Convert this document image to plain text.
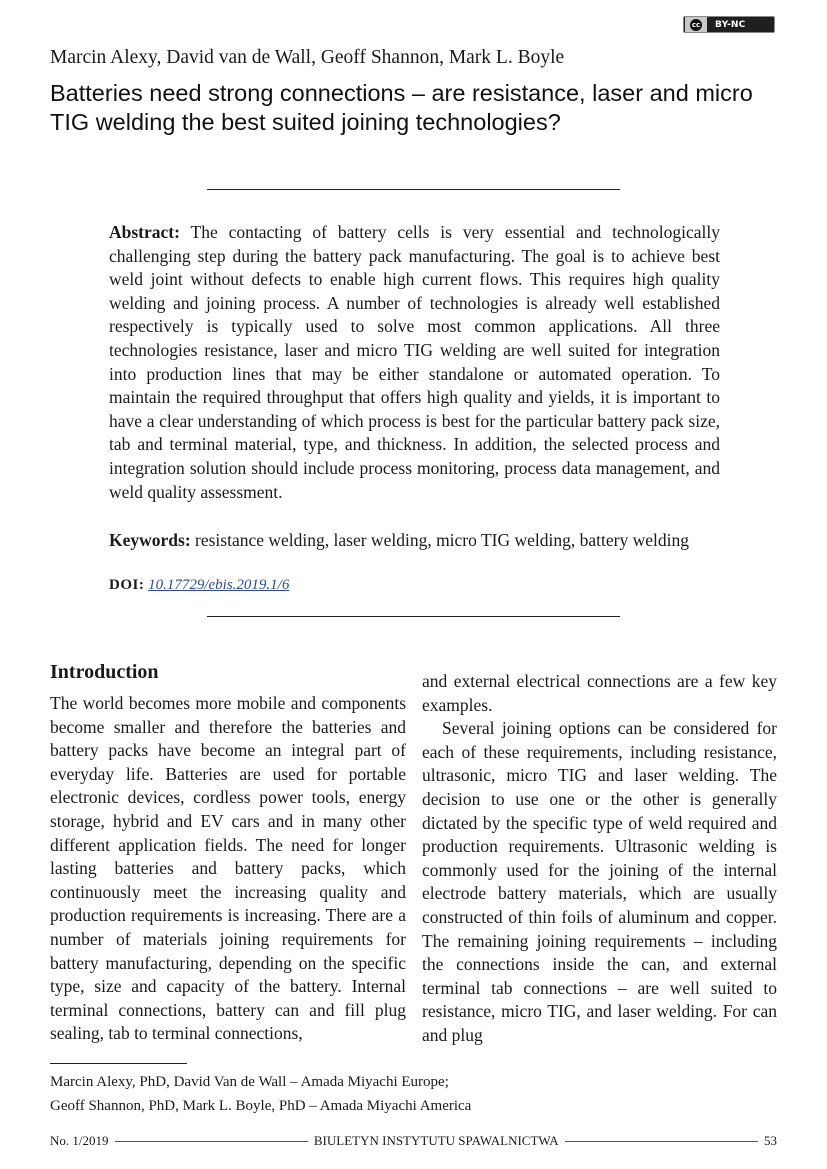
cc BY-NC
Marcin Alexy, David van de Wall, Geoff Shannon, Mark L. Boyle
Batteries need strong connections – are resistance, laser and micro TIG welding the best suited joining technologies?
Abstract: The contacting of battery cells is very essential and technologically challenging step during the battery pack manufacturing. The goal is to achieve best weld joint without defects to enable high current flows. This requires high quality welding and joining process. A number of technologies is already well established respectively is typically used to solve most common applications. All three technologies resistance, laser and micro TIG welding are well suited for integration into production lines that may be either standalone or automated operation. To maintain the required throughput that offers high quality and yields, it is important to have a clear understanding of which process is best for the particular battery pack size, tab and terminal material, type, and thickness. In addition, the selected process and integration solution should include process monitoring, process data management, and weld quality assessment.
Keywords: resistance welding, laser welding, micro TIG welding, battery welding
DOI: 10.17729/ebis.2019.1/6
Introduction

The world becomes more mobile and components become smaller and therefore the batteries and battery packs have become an integral part of everyday life. Batteries are used for portable electronic devices, cordless power tools, energy storage, hybrid and EV cars and in many other different application fields. The need for longer lasting batteries and battery packs, which continuously meet the increasing quality and production requirements is increasing. There are a number of materials joining requirements for battery manufacturing, depending on the specific type, size and capacity of the battery. Internal terminal connections, battery can and fill plug sealing, tab to terminal connections,

and external electrical connections are a few key examples.

Several joining options can be considered for each of these requirements, including resistance, ultrasonic, micro TIG and laser welding. The decision to use one or the other is generally dictated by the specific type of weld required and production requirements. Ultrasonic welding is commonly used for the joining of the internal electrode battery materials, which are usually constructed of thin foils of aluminum and copper. The remaining joining requirements – including the connections inside the can, and external terminal tab connections – are well suited to resistance, micro TIG, and laser welding. For can and plug

Marcin Alexy, PhD, David Van de Wall – Amada Miyachi Europe;
Geoff Shannon, PhD, Mark L. Boyle, PhD – Amada Miyachi America
No. 1/2019	BIULETYN INSTYTUTU SPAWALNICTWA	53
